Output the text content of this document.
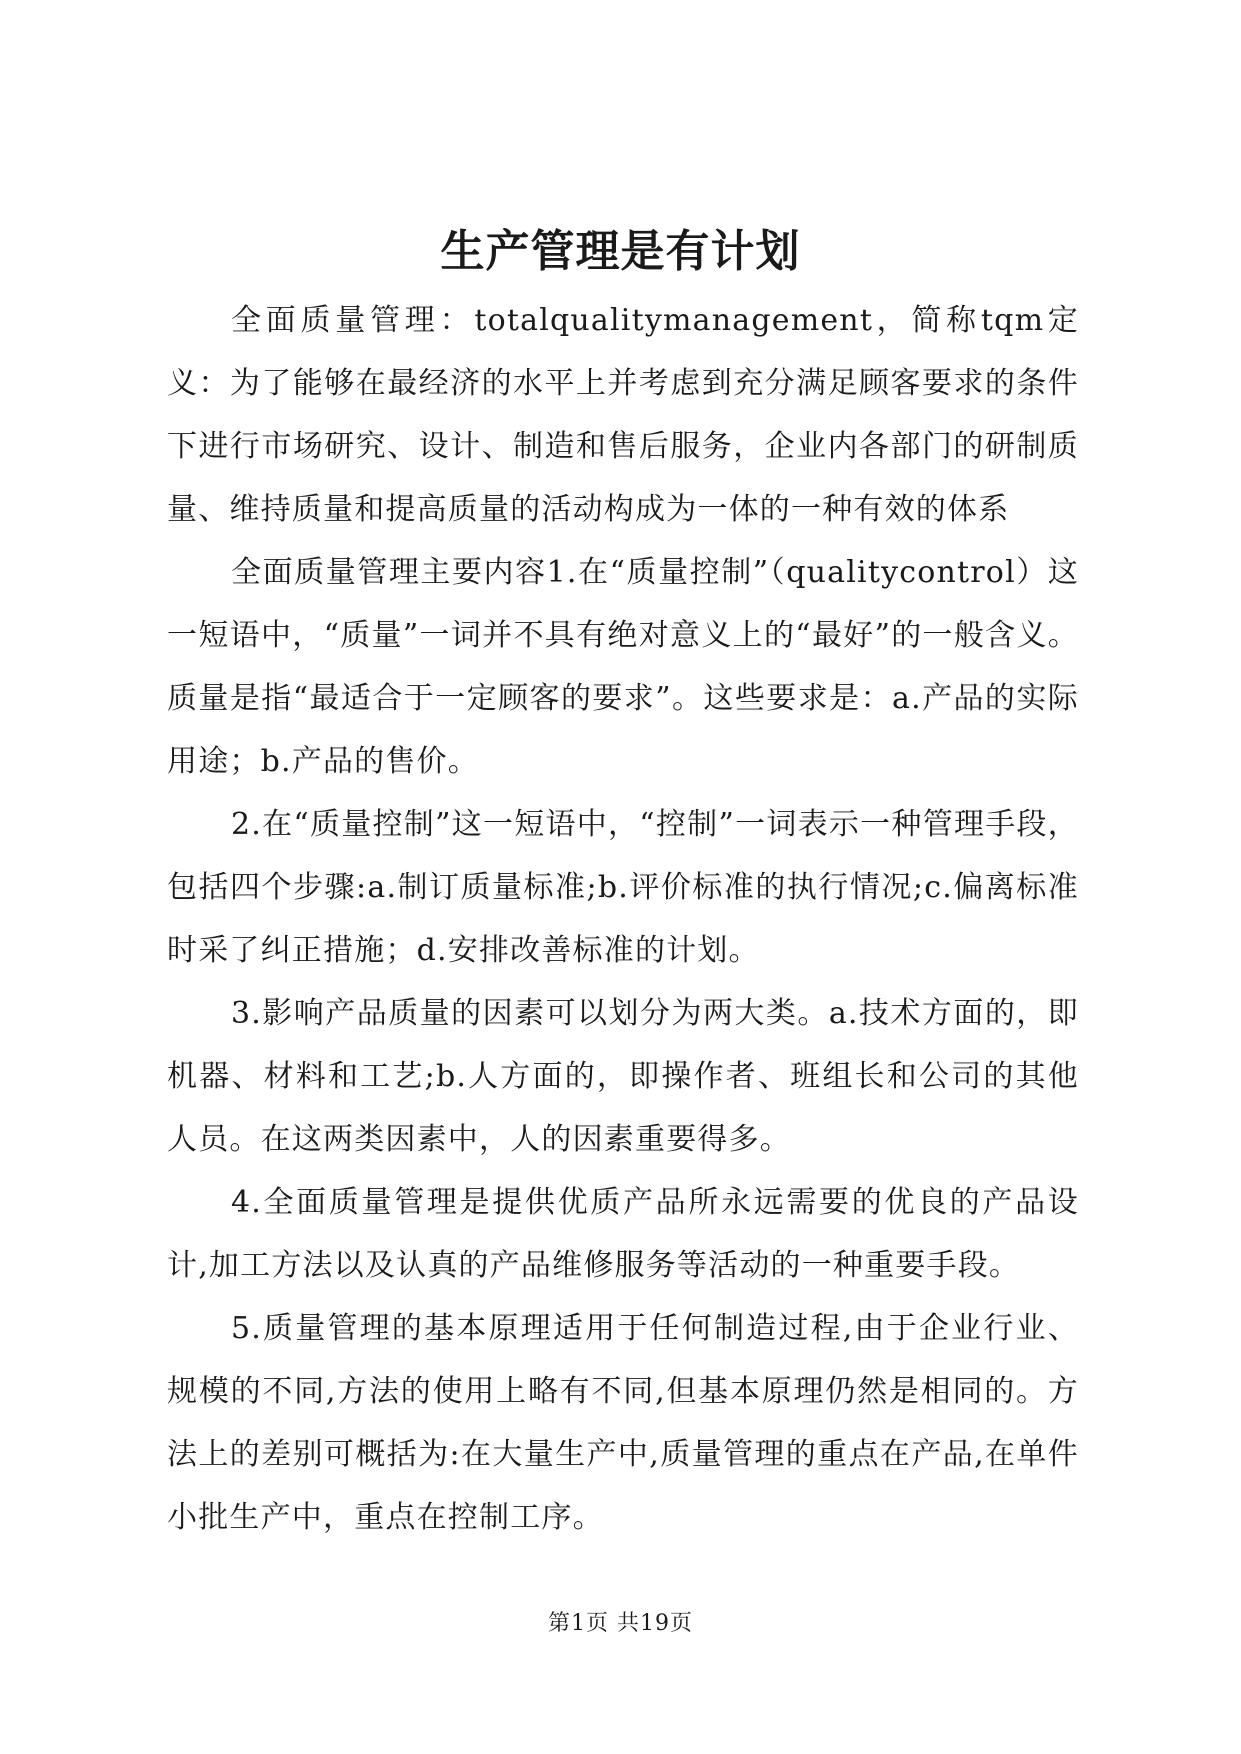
生产管理是有计划

全面质量管理：totalqualitymanagement，简称tqm定义：为了能够在最经济的水平上并考虑到充分满足顾客要求的条件下进行市场研究、设计、制造和售后服务，企业内各部门的研制质量、维持质量和提高质量的活动构成为一体的一种有效的体系

全面质量管理主要内容1.在“质量控制”（qualitycontrol）这一短语中，“质量”一词并不具有绝对意义上的“最好”的一般含义。质量是指“最适合于一定顾客的要求”。这些要求是：a.产品的实际用途；b.产品的售价。

2.在“质量控制”这一短语中，“控制”一词表示一种管理手段，包括四个步骤:a.制订质量标准;b.评价标准的执行情况;c.偏离标准时采了纠正措施；d.安排改善标准的计划。

3.影响产品质量的因素可以划分为两大类。a.技术方面的，即机器、材料和工艺;b.人方面的，即操作者、班组长和公司的其他人员。在这两类因素中，人的因素重要得多。

4.全面质量管理是提供优质产品所永远需要的优良的产品设计,加工方法以及认真的产品维修服务等活动的一种重要手段。

5.质量管理的基本原理适用于任何制造过程,由于企业行业、规模的不同,方法的使用上略有不同,但基本原理仍然是相同的。方法上的差别可概括为:在大量生产中,质量管理的重点在产品,在单件小批生产中，重点在控制工序。

第1页 共19页
